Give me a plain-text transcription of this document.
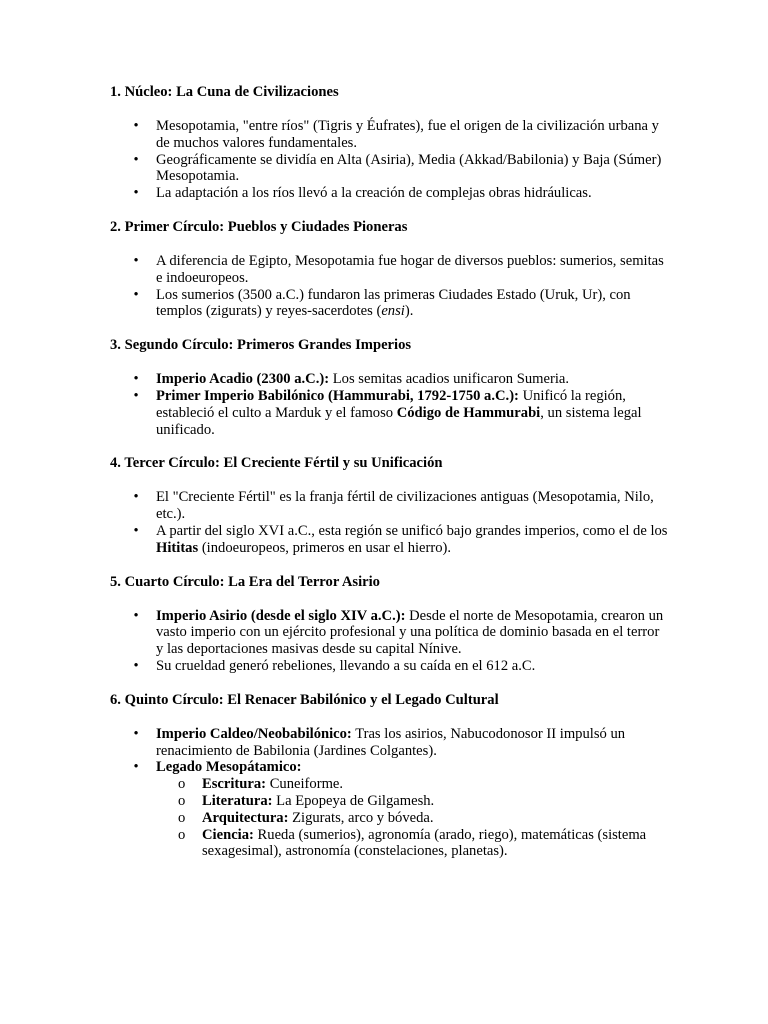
1. Núcleo: La Cuna de Civilizaciones

• Mesopotamia, "entre ríos" (Tigris y Éufrates), fue el origen de la civilización urbana y de muchos valores fundamentales.
• Geográficamente se dividía en Alta (Asiria), Media (Akkad/Babilonia) y Baja (Súmer) Mesopotamia.
• La adaptación a los ríos llevó a la creación de complejas obras hidráulicas.

2. Primer Círculo: Pueblos y Ciudades Pioneras

• A diferencia de Egipto, Mesopotamia fue hogar de diversos pueblos: sumerios, semitas e indoeuropeos.
• Los sumerios (3500 a.C.) fundaron las primeras Ciudades Estado (Uruk, Ur), con templos (zigurats) y reyes-sacerdotes (ensi).

3. Segundo Círculo: Primeros Grandes Imperios

• Imperio Acadio (2300 a.C.): Los semitas acadios unificaron Sumeria.
• Primer Imperio Babilónico (Hammurabi, 1792-1750 a.C.): Unificó la región, estableció el culto a Marduk y el famoso Código de Hammurabi, un sistema legal unificado.

4. Tercer Círculo: El Creciente Fértil y su Unificación

• El "Creciente Fértil" es la franja fértil de civilizaciones antiguas (Mesopotamia, Nilo, etc.).
• A partir del siglo XVI a.C., esta región se unificó bajo grandes imperios, como el de los Hititas (indoeuropeos, primeros en usar el hierro).

5. Cuarto Círculo: La Era del Terror Asirio

• Imperio Asirio (desde el siglo XIV a.C.): Desde el norte de Mesopotamia, crearon un vasto imperio con un ejército profesional y una política de dominio basada en el terror y las deportaciones masivas desde su capital Nínive.
• Su crueldad generó rebeliones, llevando a su caída en el 612 a.C.

6. Quinto Círculo: El Renacer Babilónico y el Legado Cultural

• Imperio Caldeo/Neobabilónico: Tras los asirios, Nabucodonosor II impulsó un renacimiento de Babilonia (Jardines Colgantes).
• Legado Mesopátamico:
o Escritura: Cuneiforme.
o Literatura: La Epopeya de Gilgamesh.
o Arquitectura: Zigurats, arco y bóveda.
o Ciencia: Rueda (sumerios), agronomía (arado, riego), matemáticas (sistema sexagesimal), astronomía (constelaciones, planetas).
